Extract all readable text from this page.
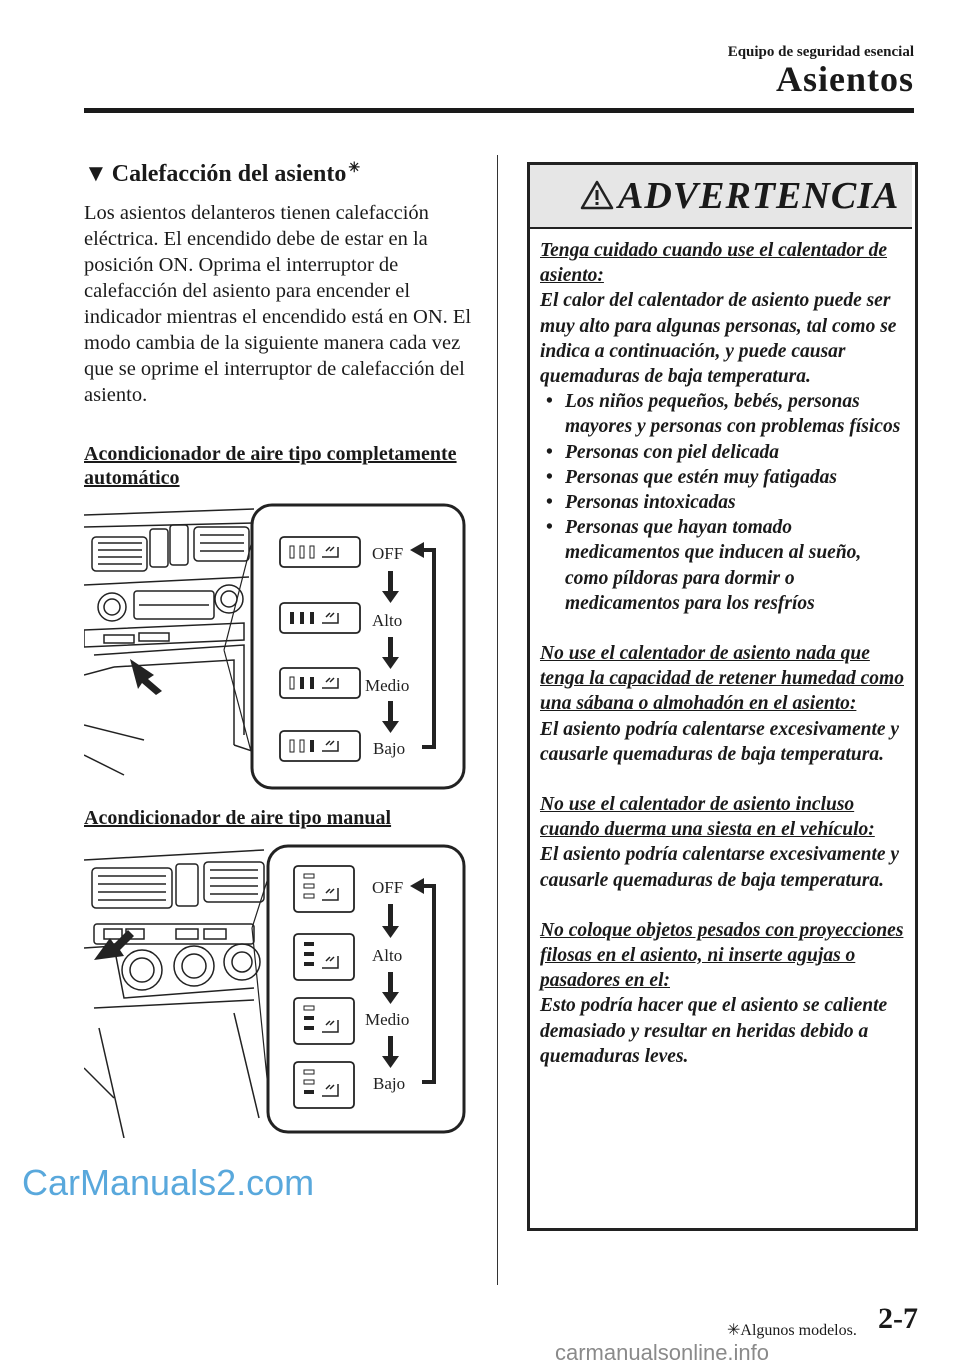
Equipo de seguridad esencial
Asientos
▼ Calefacción del asiento ✳
Los asientos delanteros tienen calefacción eléctrica. El encendido debe de estar en la posición ON. Oprima el interruptor de calefacción del asiento para encender el indicador mientras el encendido está en ON. El modo cambia de la siguiente manera cada vez que se oprime el interruptor de calefacción del asiento.
Acondicionador de aire tipo completamente automático
OFF
Alto
Medio
Bajo
Acondicionador de aire tipo manual
OFF
Alto
Medio
Bajo
ADVERTENCIA
Tenga cuidado cuando use el calentador de asiento:
El calor del calentador de asiento puede ser muy alto para algunas personas, tal como se indica a continuación, y puede causar quemaduras de baja temperatura.
• Los niños pequeños, bebés, personas mayores y personas con problemas físicos
• Personas con piel delicada
• Personas que estén muy fatigadas
• Personas intoxicadas
• Personas que hayan tomado medicamentos que inducen al sueño, como píldoras para dormir o medicamentos para los resfríos
No use el calentador de asiento nada que tenga la capacidad de retener humedad como una sábana o almohadón en el asiento:
El asiento podría calentarse excesivamente y causarle quemaduras de baja temperatura.
No use el calentador de asiento incluso cuando duerma una siesta en el vehículo:
El asiento podría calentarse excesivamente y causarle quemaduras de baja temperatura.
No coloque objetos pesados con proyecciones filosas en el asiento, ni inserte agujas o pasadores en el:
Esto podría hacer que el asiento se caliente demasiado y resultar en heridas debido a quemaduras leves.
CarManuals2.com
✳Algunos modelos. 2-7
carmanualsonline.info
